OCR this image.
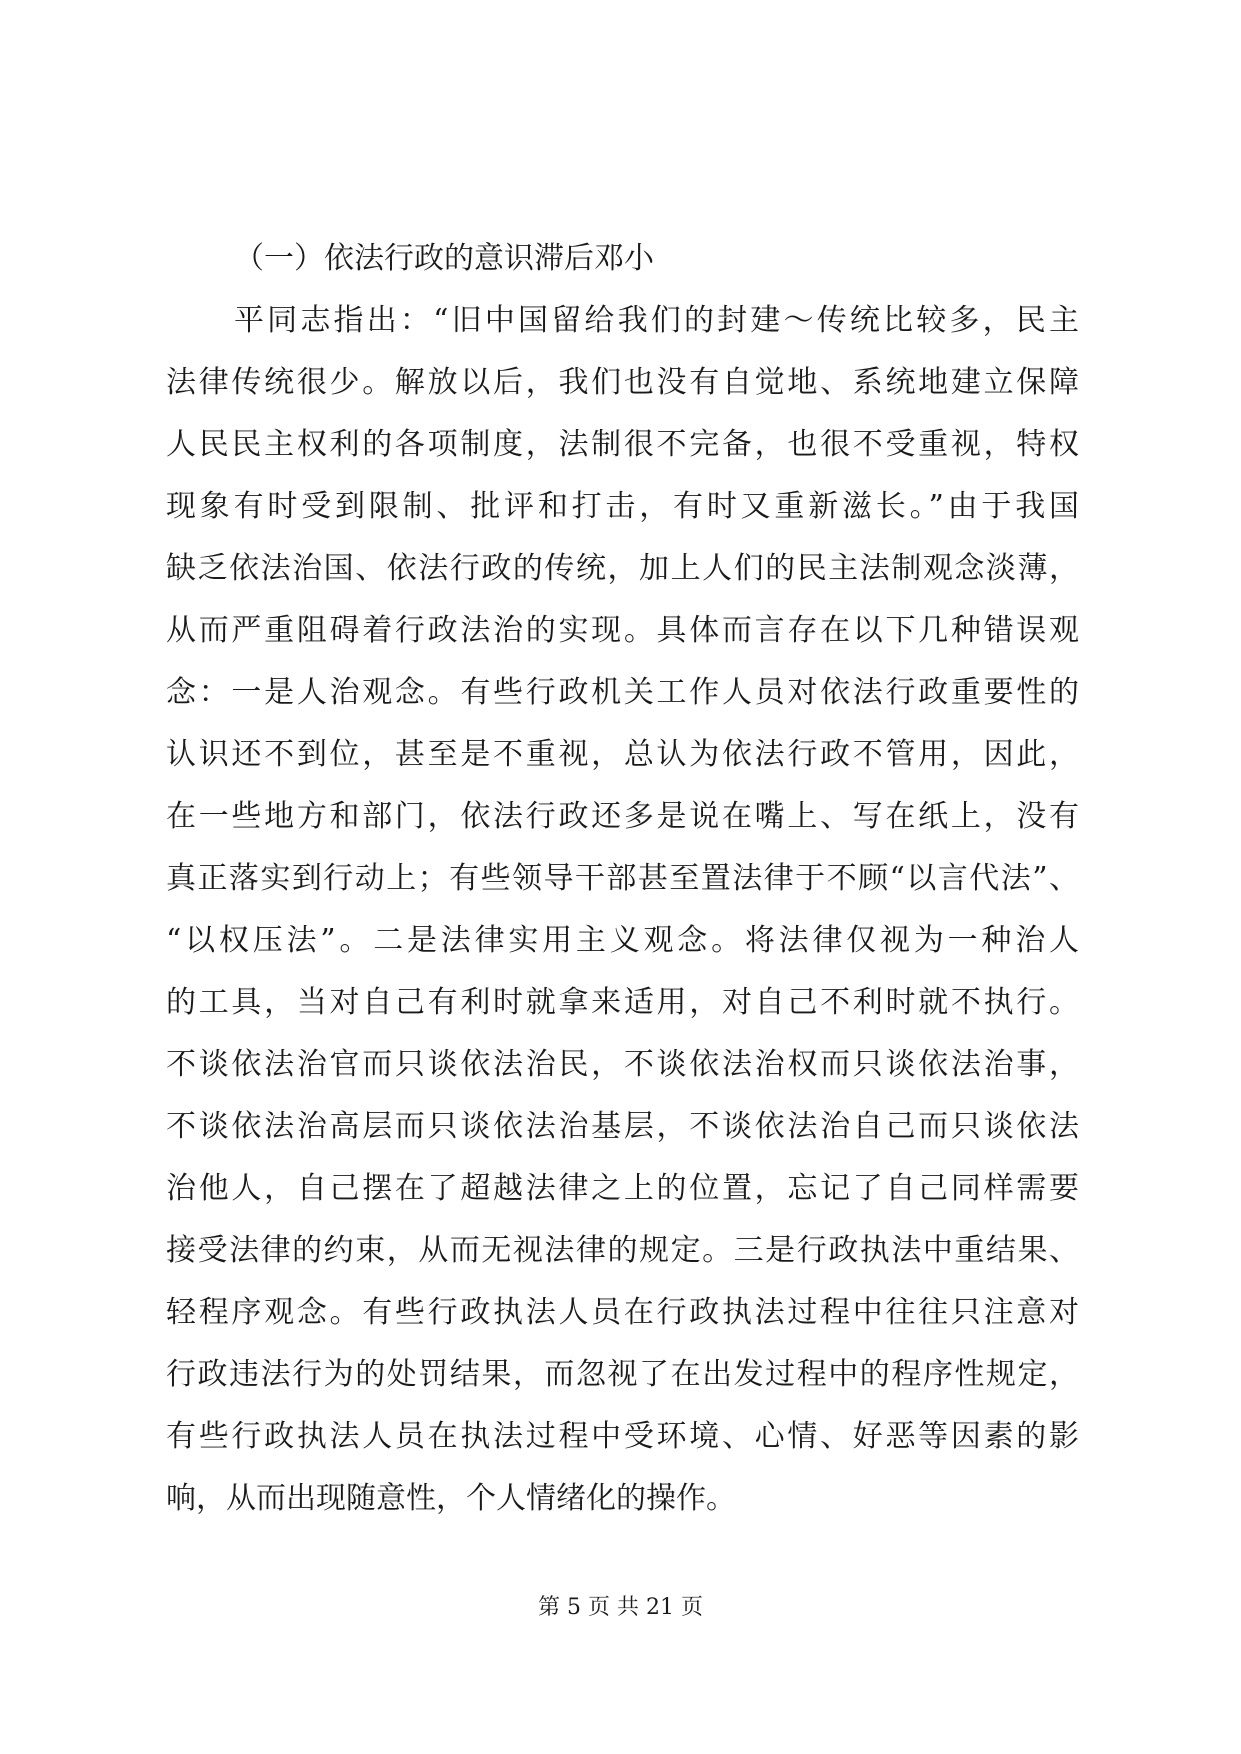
（一）依法行政的意识滞后邓小
平同志指出：“旧中国留给我们的封建～传统比较多，民主
法律传统很少。解放以后，我们也没有自觉地、系统地建立保障
人民民主权利的各项制度，法制很不完备，也很不受重视，特权
现象有时受到限制、批评和打击，有时又重新滋长。”由于我国
缺乏依法治国、依法行政的传统，加上人们的民主法制观念淡薄，
从而严重阻碍着行政法治的实现。具体而言存在以下几种错误观
念：一是人治观念。有些行政机关工作人员对依法行政重要性的
认识还不到位，甚至是不重视，总认为依法行政不管用，因此，
在一些地方和部门，依法行政还多是说在嘴上、写在纸上，没有
真正落实到行动上；有些领导干部甚至置法律于不顾“以言代法”、
“以权压法”。二是法律实用主义观念。将法律仅视为一种治人
的工具，当对自己有利时就拿来适用，对自己不利时就不执行。
不谈依法治官而只谈依法治民，不谈依法治权而只谈依法治事，
不谈依法治高层而只谈依法治基层，不谈依法治自己而只谈依法
治他人，自己摆在了超越法律之上的位置，忘记了自己同样需要
接受法律的约束，从而无视法律的规定。三是行政执法中重结果、
轻程序观念。有些行政执法人员在行政执法过程中往往只注意对
行政违法行为的处罚结果，而忽视了在出发过程中的程序性规定，
有些行政执法人员在执法过程中受环境、心情、好恶等因素的影
响，从而出现随意性，个人情绪化的操作。
第 5 页 共 21 页
